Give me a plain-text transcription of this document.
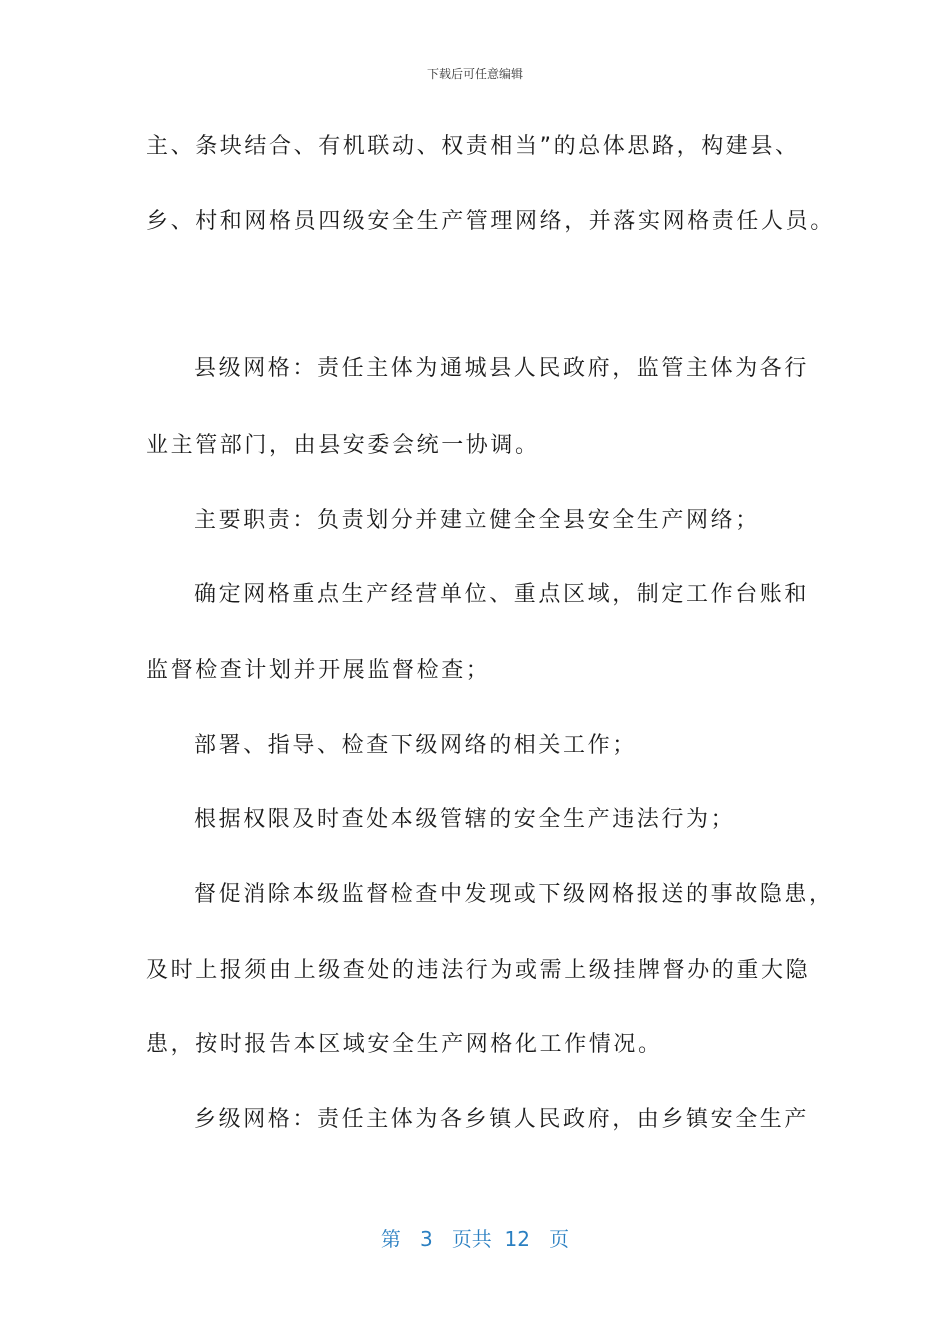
下载后可任意编辑
主、条块结合、有机联动、权责相当”的总体思路，构建县、
乡、村和网格员四级安全生产管理网络，并落实网格责任人员。
县级网格：责任主体为通城县人民政府，监管主体为各行
业主管部门，由县安委会统一协调。
主要职责：负责划分并建立健全全县安全生产网络；
确定网格重点生产经营单位、重点区域，制定工作台账和
监督检查计划并开展监督检查；
部署、指导、检查下级网络的相关工作；
根据权限及时查处本级管辖的安全生产违法行为；
督促消除本级监督检查中发现或下级网格报送的事故隐患，
及时上报须由上级查处的违法行为或需上级挂牌督办的重大隐
患，按时报告本区域安全生产网格化工作情况。
乡级网格：责任主体为各乡镇人民政府，由乡镇安全生产
第 3 页共 12 页
